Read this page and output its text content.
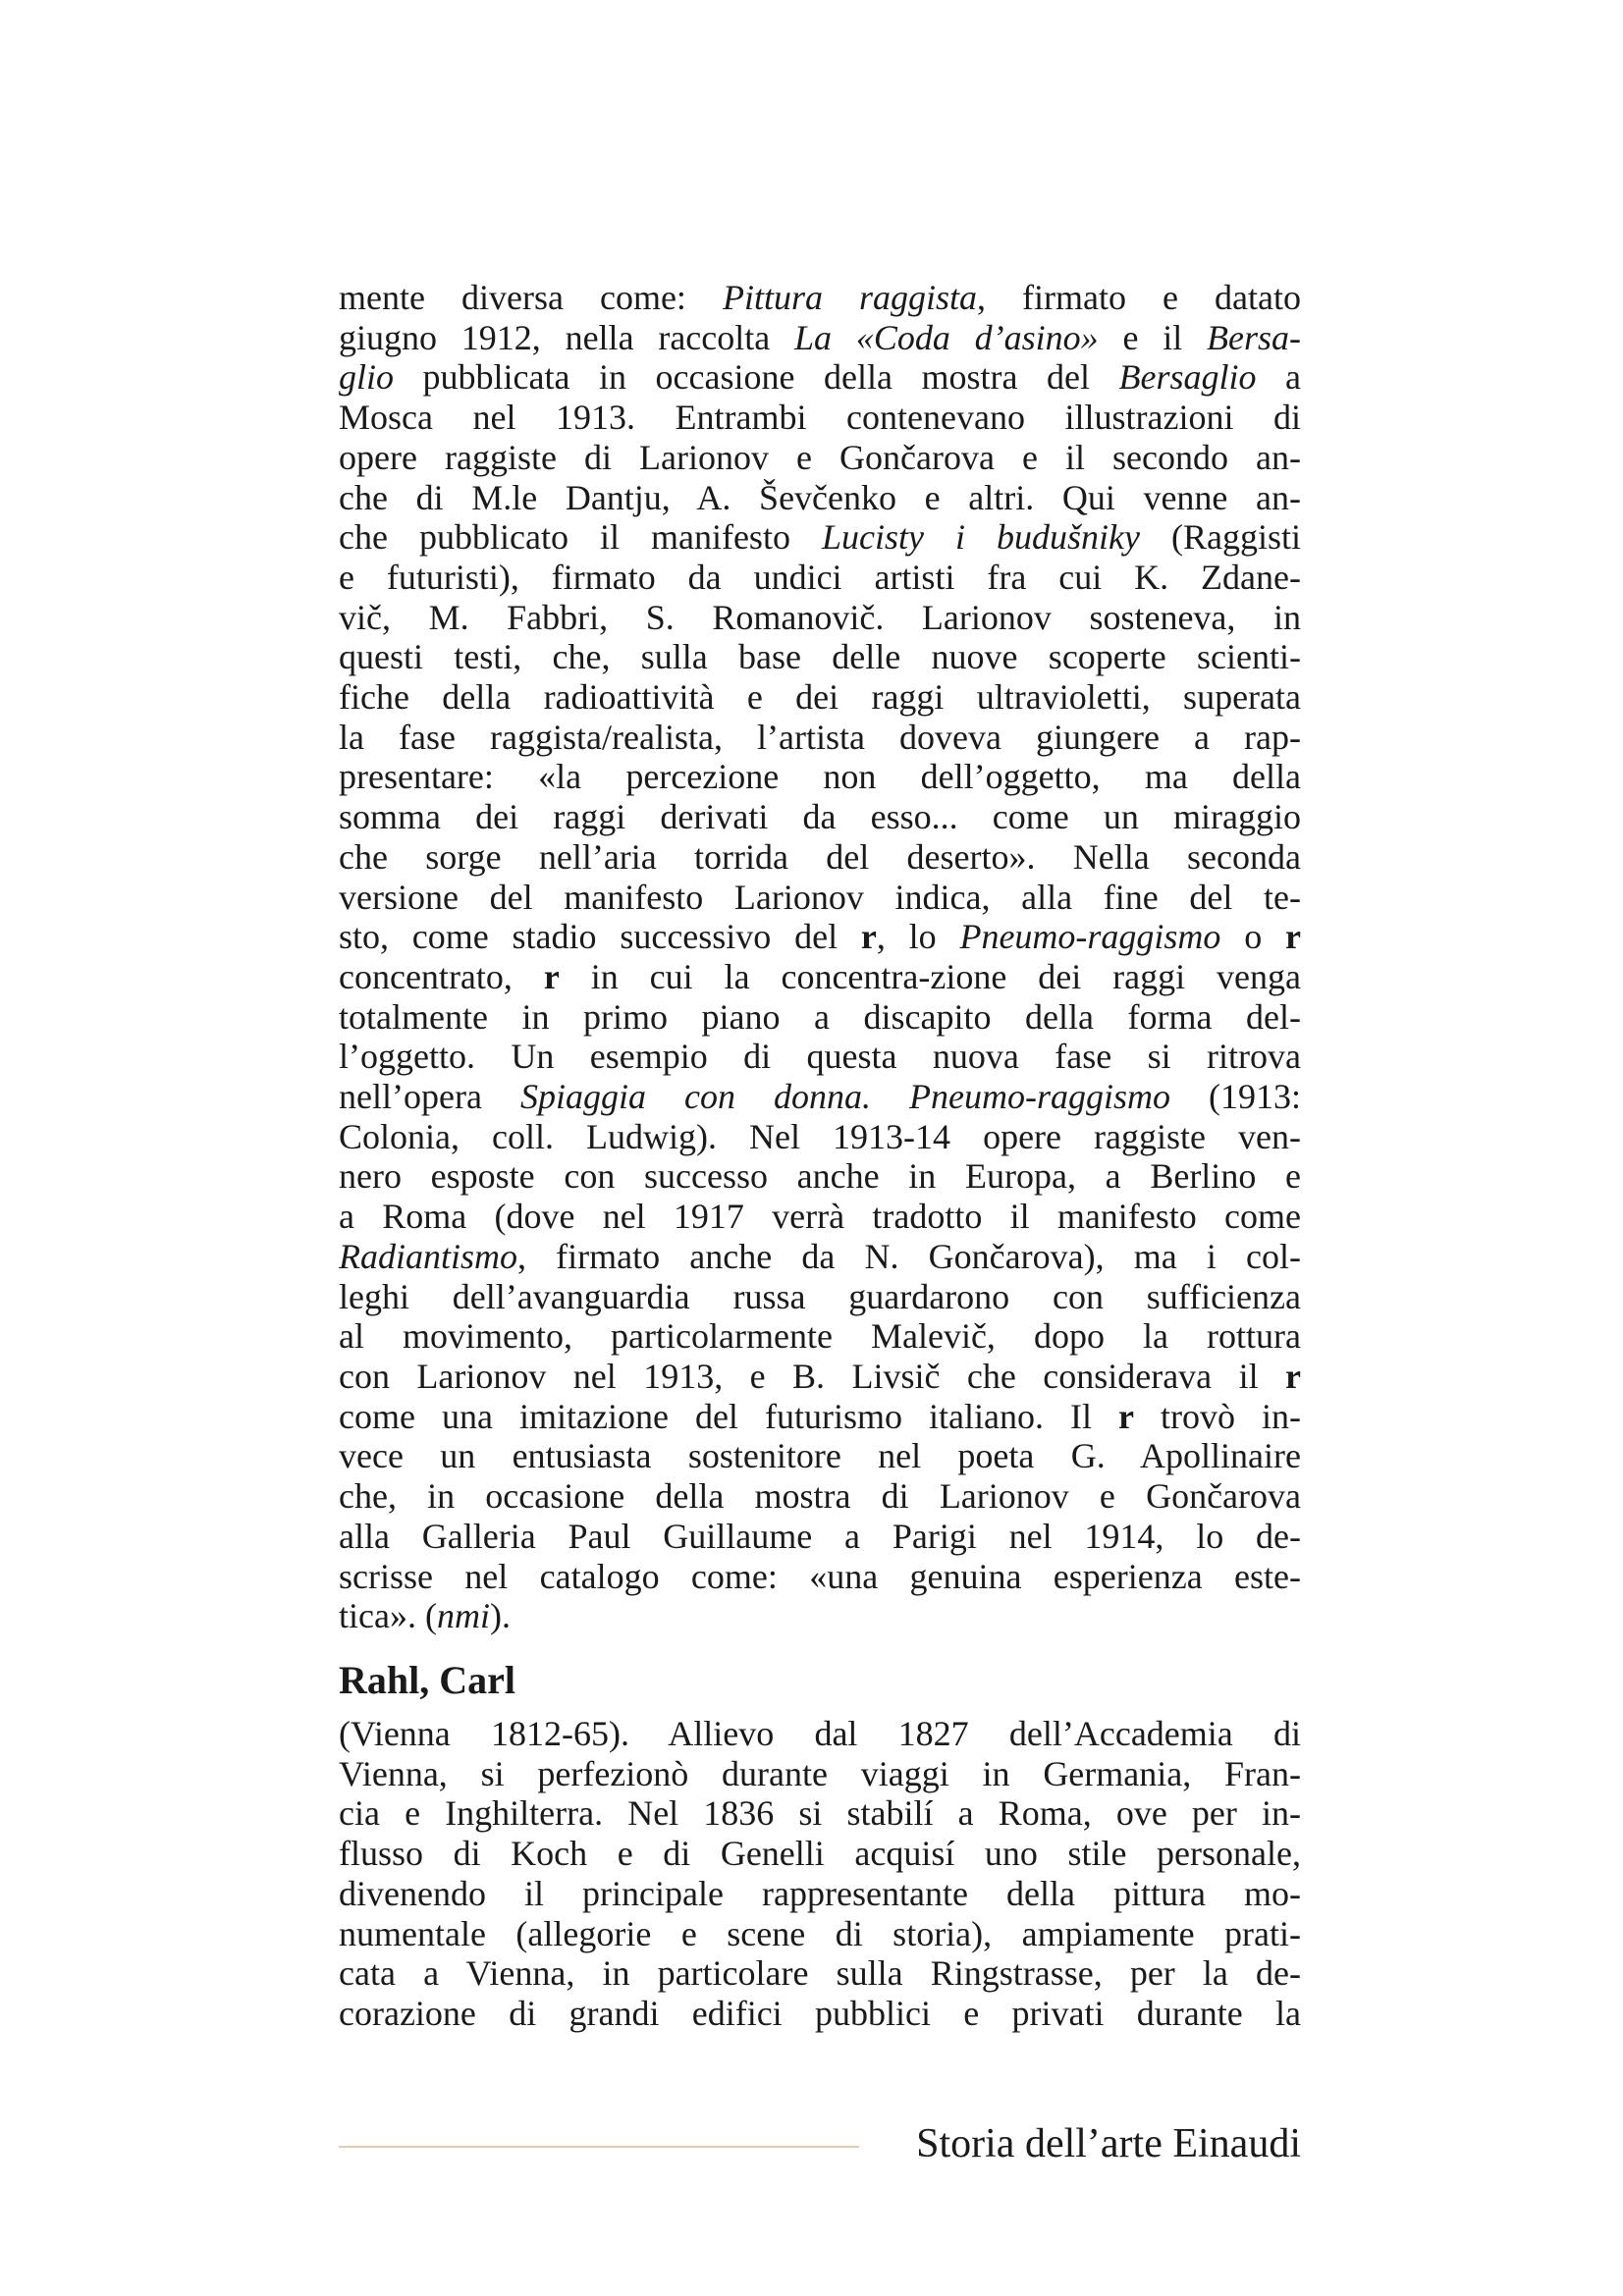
mente diversa come: Pittura raggista, firmato e datato
giugno 1912, nella raccolta La «Coda d’asino» e il Bersa-
glio pubblicata in occasione della mostra del Bersaglio a
Mosca nel 1913. Entrambi contenevano illustrazioni di
opere raggiste di Larionov e Gončarova e il secondo an-
che di M.le Dantju, A. Ševčenko e altri. Qui venne an-
che pubblicato il manifesto Lucisty i budušniky (Raggisti
e futuristi), firmato da undici artisti fra cui K. Zdane-
vič, M. Fabbri, S. Romanovič. Larionov sosteneva, in
questi testi, che, sulla base delle nuove scoperte scienti-
fiche della radioattività e dei raggi ultravioletti, superata
la fase raggista/realista, l’artista doveva giungere a rap-
presentare: «la percezione non dell’oggetto, ma della
somma dei raggi derivati da esso... come un miraggio
che sorge nell’aria torrida del deserto». Nella seconda
versione del manifesto Larionov indica, alla fine del te-
sto, come stadio successivo del r, lo Pneumo-raggismo o r
concentrato, r in cui la concentra-zione dei raggi venga
totalmente in primo piano a discapito della forma del-
l’oggetto. Un esempio di questa nuova fase si ritrova
nell’opera Spiaggia con donna. Pneumo-raggismo (1913:
Colonia, coll. Ludwig). Nel 1913-14 opere raggiste ven-
nero esposte con successo anche in Europa, a Berlino e
a Roma (dove nel 1917 verrà tradotto il manifesto come
Radiantismo, firmato anche da N. Gončarova), ma i col-
leghi dell’avanguardia russa guardarono con sufficienza
al movimento, particolarmente Malevič, dopo la rottura
con Larionov nel 1913, e B. Livsič che considerava il r
come una imitazione del futurismo italiano. Il r trovò in-
vece un entusiasta sostenitore nel poeta G. Apollinaire
che, in occasione della mostra di Larionov e Gončarova
alla Galleria Paul Guillaume a Parigi nel 1914, lo de-
scrisse nel catalogo come: «una genuina esperienza este-
tica». (nmi).
Rahl, Carl
(Vienna 1812-65). Allievo dal 1827 dell’Accademia di
Vienna, si perfezionò durante viaggi in Germania, Fran-
cia e Inghilterra. Nel 1836 si stabilí a Roma, ove per in-
flusso di Koch e di Genelli acquisí uno stile personale,
divenendo il principale rappresentante della pittura mo-
numentale (allegorie e scene di storia), ampiamente prati-
cata a Vienna, in particolare sulla Ringstrasse, per la de-
corazione di grandi edifici pubblici e privati durante la
Storia dell’arte Einaudi
